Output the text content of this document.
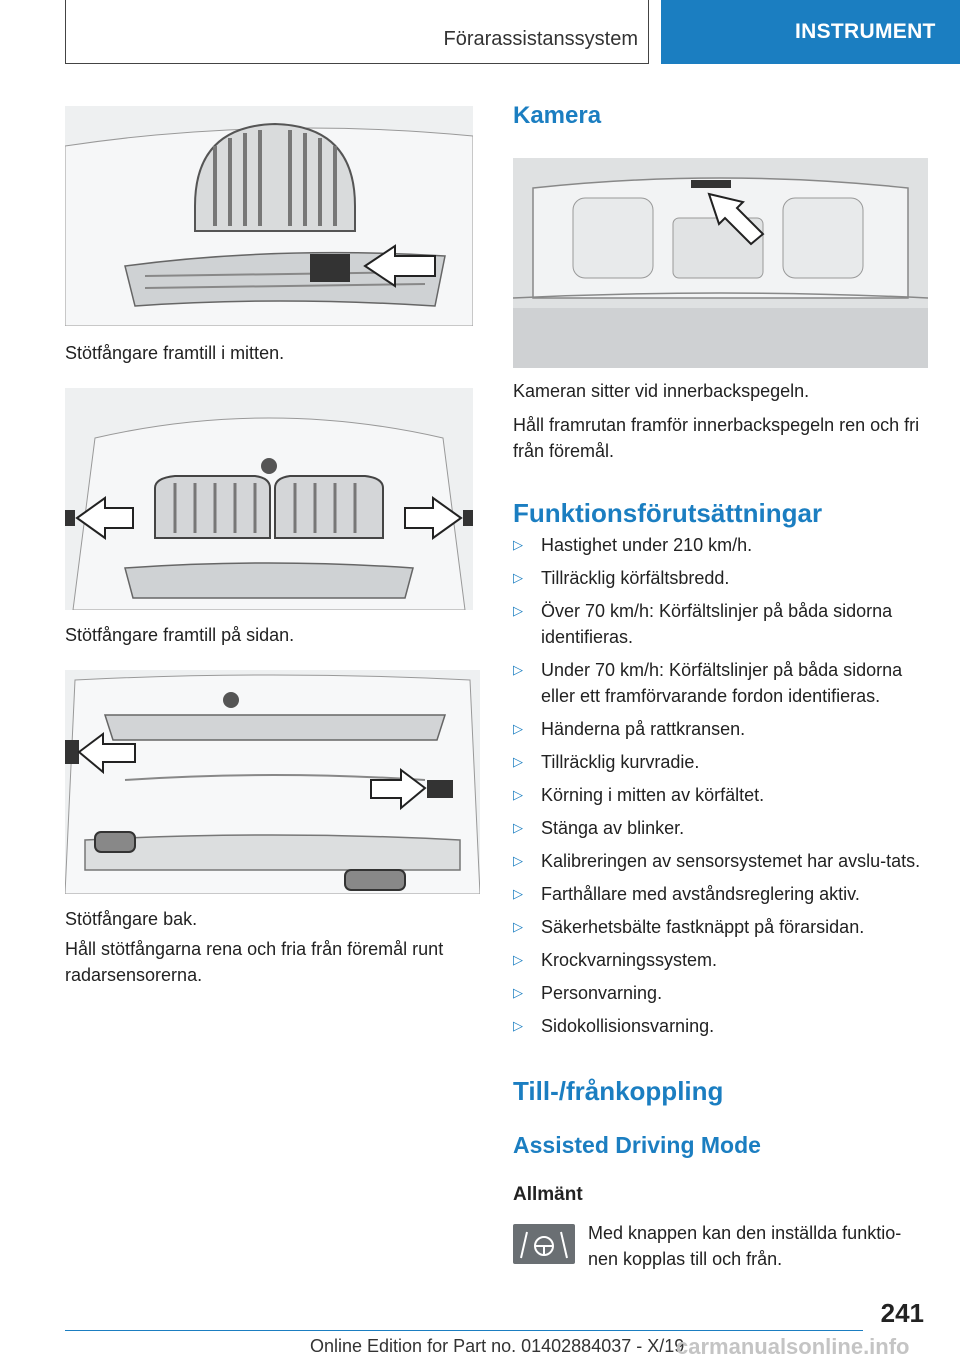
Förarassistanssystem	INSTRUMENT
Stötfångare framtill i mitten.
Stötfångare framtill på sidan.
Stötfångare bak.
Håll stötfångarna rena och fria från föremål runt radarsensorerna.
Kamera
Kameran sitter vid innerbackspegeln.
Håll framrutan framför innerbackspegeln ren och fri från föremål.
Funktionsförutsättningar
▷ Hastighet under 210 km/h.
▷ Tillräcklig körfältsbredd.
▷ Över 70 km/h: Körfältslinjer på båda sidorna identifieras.
▷ Under 70 km/h: Körfältslinjer på båda sidorna eller ett framförvarande fordon identifieras.
▷ Händerna på rattkransen.
▷ Tillräcklig kurvradie.
▷ Körning i mitten av körfältet.
▷ Stänga av blinker.
▷ Kalibreringen av sensorsystemet har avslu-tats.
▷ Farthållare med avståndsreglering aktiv.
▷ Säkerhetsbälte fastknäppt på förarsidan.
▷ Krockvarningssystem.
▷ Personvarning.
▷ Sidokollisionsvarning.
Till-/frånkoppling
Assisted Driving Mode
Allmänt
Med knappen kan den inställda funktio-nen kopplas till och från.
241
Online Edition for Part no. 01402884037 - X/19
carmanualsonline.info
